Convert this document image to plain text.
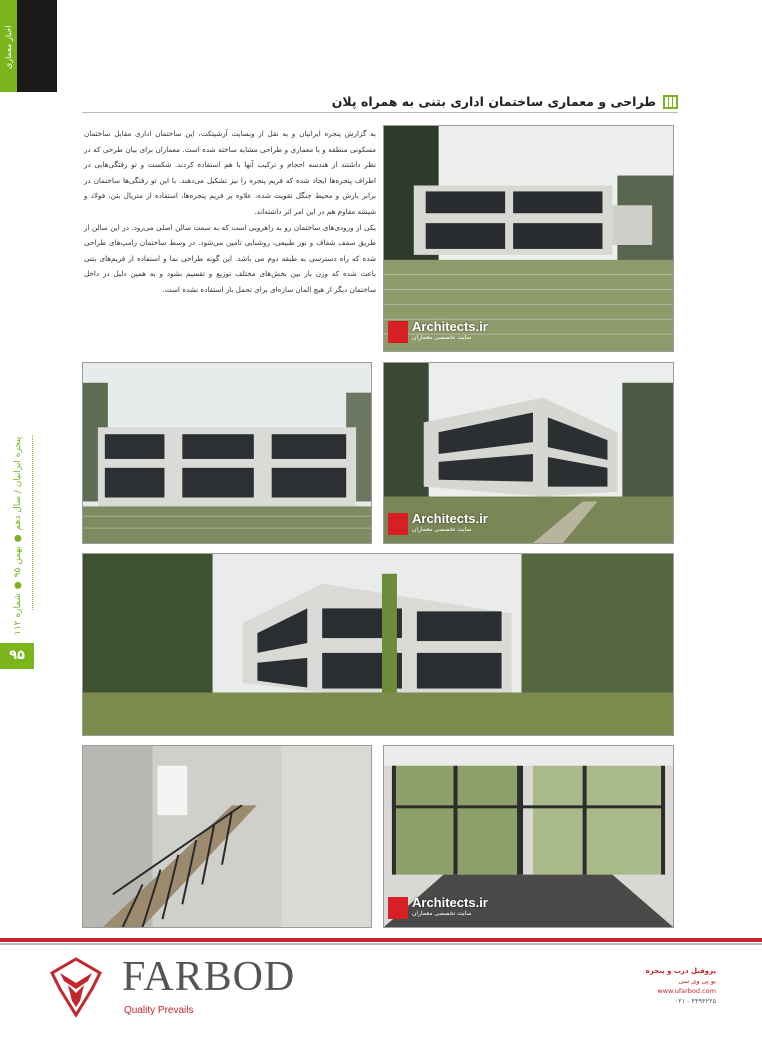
اخبار معماری
پنجره ایرانیان / سال دهم ● بهمن ۹۵ ● شماره ۱۱۲
۹۵
طراحی و معماری ساختمان اداری بتنی به همراه پلان

به گزارش پنجره ایرانیان و به نقل از وبسایت آرشیتکت، این ساختمان اداری مقابل ساختمان مسکونی منطقه و با معماری و طراحی مشابه ساخته شده است. معماران برای بیان طرحی که در نظر داشتند از هندسه احجام و ترکیب آنها با هم استفاده کردند. شکست و تو رفتگی‌هایی در اطراف پنجره‌ها ایجاد شده که فریم پنجره را نیز تشکیل می‌دهند. با این تو رفتگی‌ها ساختمان در برابر بارش و محیط جنگل تقویت شده، علاوه بر فریم پنجره‌ها، استفاده از متریال بتن، فولاد و شیشه مقاوم هم در این امر اثر داشته‌اند.

یکی از ورودی‌های ساختمان رو به راهرویی است که به سمت سالن اصلی می‌رود. در این سالن از طریق سقف شفاف و نور طبیعی، روشنایی تامین می‌شود. در وسط ساختمان رامپ‌های طراحی شده که راه دسترسی به طبقه دوم می باشد. این گونه طراحی نما و استفاده از فریم‌های بتنی باعث شده که وزن بار بین بخش‌های مختلف توزیع و تقسیم بشود و به همین دلیل در داخل ساختمان دیگر از هیچ المان سازه‌ای برای تحمل بار استفاده نشده است.

Architects.ir
سایت تخصصی معماران
Architects.ir
سایت تخصصی معماران
Architects.ir
سایت تخصصی معماران
FARBOD
Quality Prevails
پروفیل درب و پنجره
یو پی وی سی
www.ufarbod.com
۰۲۱ - ۴۴۹۴۲۲۵
